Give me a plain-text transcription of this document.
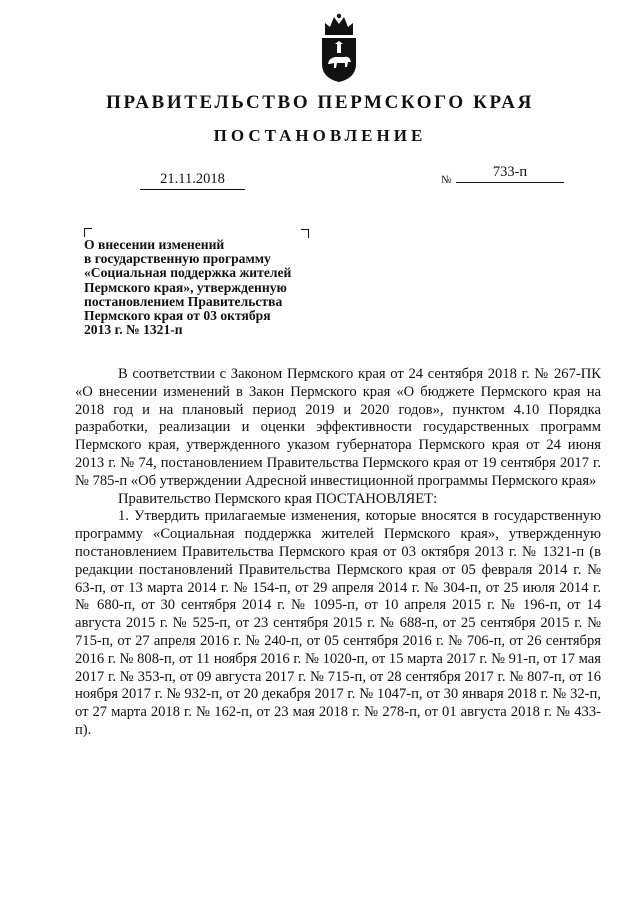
ПРАВИТЕЛЬСТВО ПЕРМСКОГО КРАЯ
ПОСТАНОВЛЕНИЕ
21.11.2018	№	733-п
О внесении изменений
в государственную программу
«Социальная поддержка жителей
Пермского края», утвержденную
постановлением Правительства
Пермского края от 03 октября
2013 г. № 1321-п

В соответствии с Законом Пермского края от 24 сентября 2018 г. № 267-ПК «О внесении изменений в Закон Пермского края «О бюджете Пермского края на 2018 год и на плановый период 2019 и 2020 годов», пунктом 4.10 Порядка разработки, реализации и оценки эффективности государственных программ Пермского края, утвержденного указом губернатора Пермского края от 24 июня 2013 г. № 74, постановлением Правительства Пермского края от 19 сентября 2017 г. № 785-п «Об утверждении Адресной инвестиционной программы Пермского края»

Правительство Пермского края ПОСТАНОВЛЯЕТ:

1. Утвердить прилагаемые изменения, которые вносятся в государственную программу «Социальная поддержка жителей Пермского края», утвержденную постановлением Правительства Пермского края от 03 октября 2013 г. № 1321-п (в редакции постановлений Правительства Пермского края от 05 февраля 2014 г. № 63-п, от 13 марта 2014 г. № 154-п, от 29 апреля 2014 г. № 304-п, от 25 июля 2014 г. № 680-п, от 30 сентября 2014 г. № 1095-п, от 10 апреля 2015 г. № 196-п, от 14 августа 2015 г. № 525-п, от 23 сентября 2015 г. № 688-п, от 25 сентября 2015 г. № 715-п, от 27 апреля 2016 г. № 240-п, от 05 сентября 2016 г. № 706-п, от 26 сентября 2016 г. № 808-п, от 11 ноября 2016 г. № 1020-п, от 15 марта 2017 г. № 91-п, от 17 мая 2017 г. № 353-п, от 09 августа 2017 г. № 715-п, от 28 сентября 2017 г. № 807-п, от 16 ноября 2017 г. № 932-п, от 20 декабря 2017 г. № 1047-п, от 30 января 2018 г. № 32-п, от 27 марта 2018 г. № 162-п, от 23 мая 2018 г. № 278-п, от 01 августа 2018 г. № 433-п).
